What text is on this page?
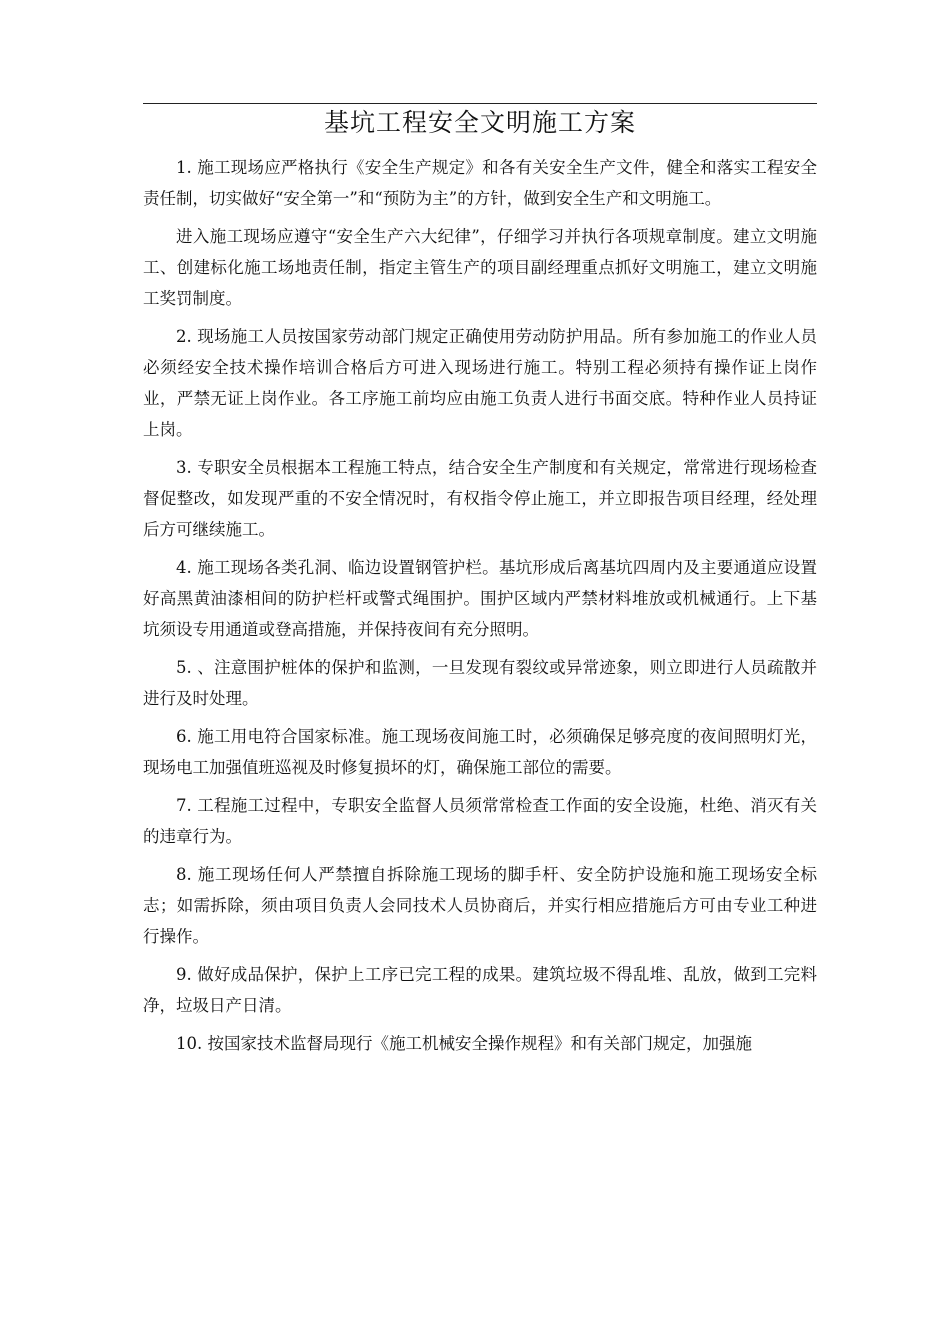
基坑工程安全文明施工方案

1. 施工现场应严格执行《安全生产规定》和各有关安全生产文件，健全和落实工程安全责任制，切实做好“安全第一”和“预防为主”的方针，做到安全生产和文明施工。

进入施工现场应遵守“安全生产六大纪律”，仔细学习并执行各项规章制度。建立文明施工、创建标化施工场地责任制，指定主管生产的项目副经理重点抓好文明施工，建立文明施工奖罚制度。

2. 现场施工人员按国家劳动部门规定正确使用劳动防护用品。所有参加施工的作业人员必须经安全技术操作培训合格后方可进入现场进行施工。特别工程必须持有操作证上岗作业，严禁无证上岗作业。各工序施工前均应由施工负责人进行书面交底。特种作业人员持证上岗。

3. 专职安全员根据本工程施工特点，结合安全生产制度和有关规定，常常进行现场检查督促整改，如发现严重的不安全情况时，有权指令停止施工，并立即报告项目经理，经处理后方可继续施工。

4. 施工现场各类孔洞、临边设置钢管护栏。基坑形成后离基坑四周内及主要通道应设置好高黑黄油漆相间的防护栏杆或警式绳围护。围护区域内严禁材料堆放或机械通行。上下基坑须设专用通道或登高措施，并保持夜间有充分照明。

5. 、注意围护桩体的保护和监测，一旦发现有裂纹或异常迹象，则立即进行人员疏散并进行及时处理。

6. 施工用电符合国家标准。施工现场夜间施工时，必须确保足够亮度的夜间照明灯光，现场电工加强值班巡视及时修复损坏的灯，确保施工部位的需要。

7. 工程施工过程中，专职安全监督人员须常常检查工作面的安全设施，杜绝、消灭有关的违章行为。

8. 施工现场任何人严禁擅自拆除施工现场的脚手杆、安全防护设施和施工现场安全标志；如需拆除，须由项目负责人会同技术人员协商后，并实行相应措施后方可由专业工种进行操作。

9. 做好成品保护，保护上工序已完工程的成果。建筑垃圾不得乱堆、乱放，做到工完料净，垃圾日产日清。

10. 按国家技术监督局现行《施工机械安全操作规程》和有关部门规定，加强施
